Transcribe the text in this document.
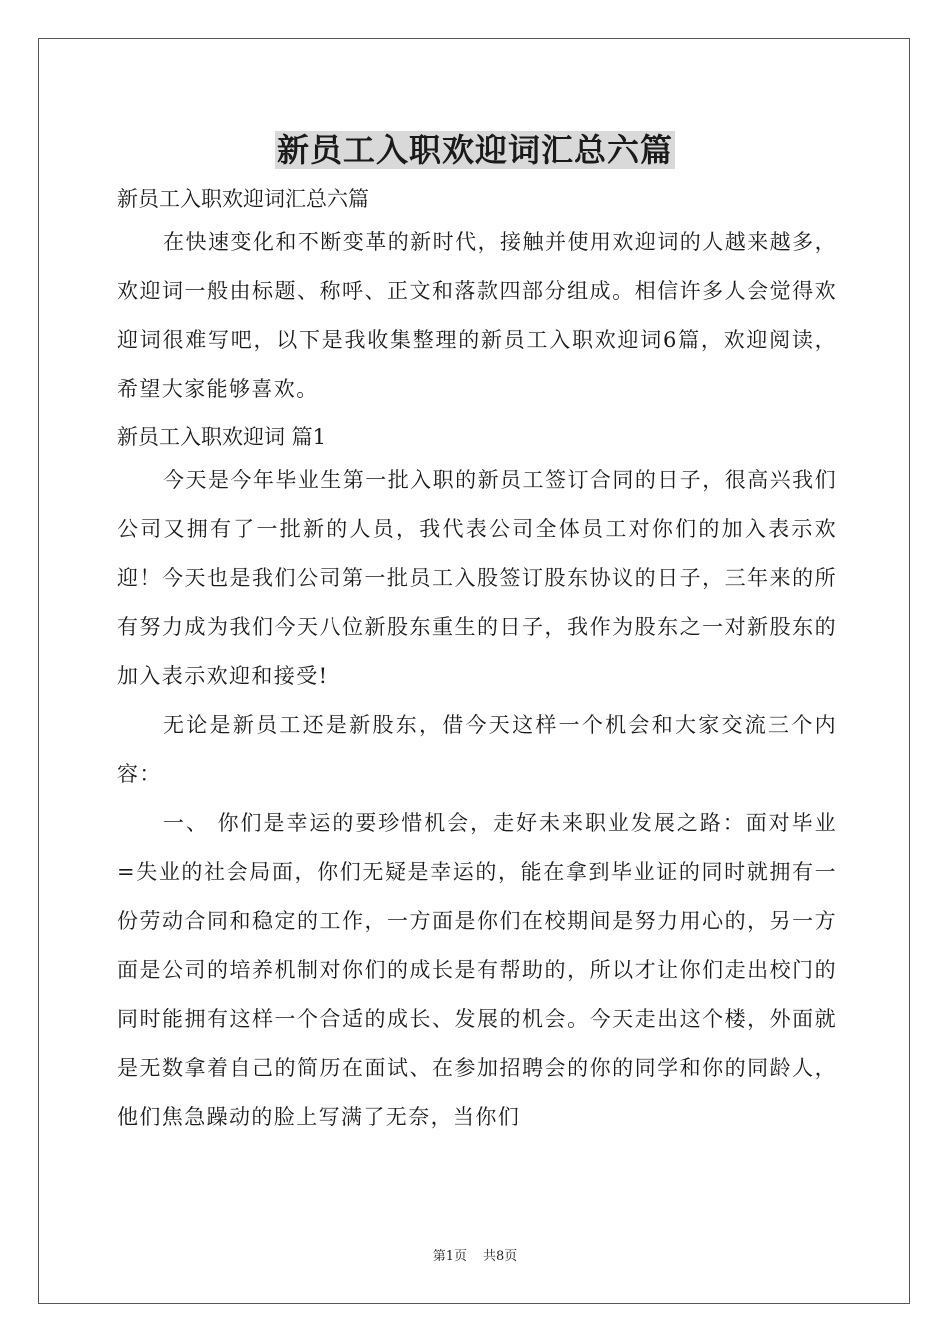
新员工入职欢迎词汇总六篇

新员工入职欢迎词汇总六篇

在快速变化和不断变革的新时代，接触并使用欢迎词的人越来越多，欢迎词一般由标题、称呼、正文和落款四部分组成。相信许多人会觉得欢迎词很难写吧，以下是我收集整理的新员工入职欢迎词6篇，欢迎阅读，希望大家能够喜欢。

新员工入职欢迎词 篇1

今天是今年毕业生第一批入职的新员工签订合同的日子，很高兴我们公司又拥有了一批新的人员，我代表公司全体员工对你们的加入表示欢迎！今天也是我们公司第一批员工入股签订股东协议的日子，三年来的所有努力成为我们今天八位新股东重生的日子，我作为股东之一对新股东的加入表示欢迎和接受!

无论是新员工还是新股东，借今天这样一个机会和大家交流三个内容：

一、 你们是幸运的要珍惜机会，走好未来职业发展之路：面对毕业=失业的社会局面，你们无疑是幸运的，能在拿到毕业证的同时就拥有一份劳动合同和稳定的工作，一方面是你们在校期间是努力用心的，另一方面是公司的培养机制对你们的成长是有帮助的，所以才让你们走出校门的同时能拥有这样一个合适的成长、发展的机会。今天走出这个楼，外面就是无数拿着自己的简历在面试、在参加招聘会的你的同学和你的同龄人，他们焦急躁动的脸上写满了无奈，当你们

第1页 共8页
